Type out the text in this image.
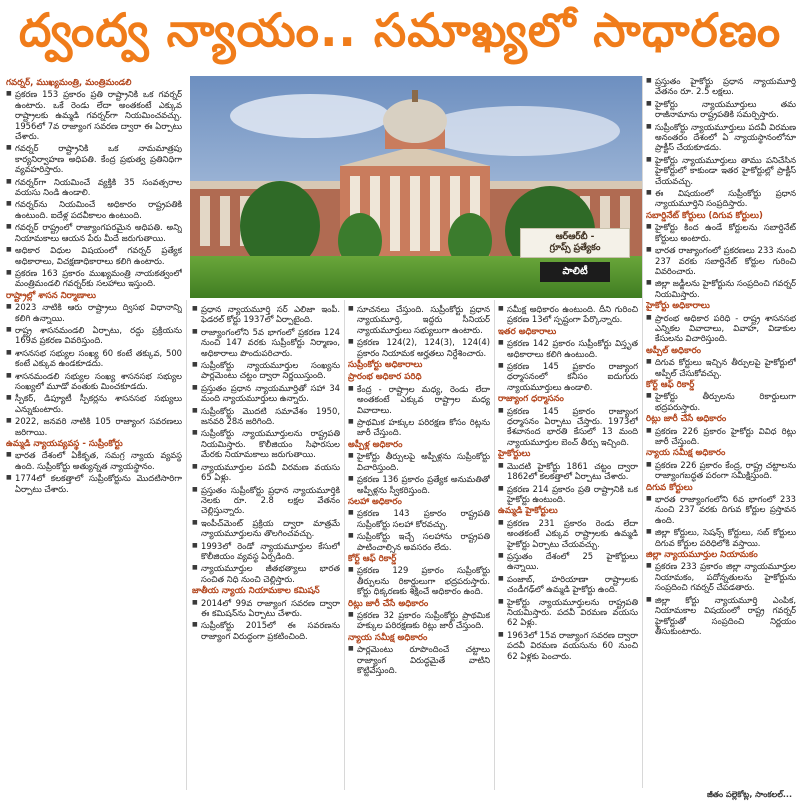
ద్వంద్వ న్యాయం.. సమాఖ్యలో సాధారణం
గవర్నర్, ముఖ్యమంత్రి, మంత్రిమండలి

■ ప్రకరణ 153 ప్రకారం ప్రతి రాష్ట్రానికి ఒక గవర్నర్ ఉంటారు. ఒకే రెండు లేదా అంతకంటే ఎక్కువ రాష్ట్రాలకు ఉమ్మడి గవర్నర్‌గా నియమించవచ్చు. 1956లో 7వ రాజ్యాంగ సవరణ ద్వారా ఈ ఏర్పాటు చేశారు.

■ గవర్నర్ రాష్ట్రానికి ఒక నామమాత్రపు కార్యనిర్వాహణ అధిపతి. కేంద్ర ప్రభుత్వ ప్రతినిధిగా వ్యవహరిస్తారు.

■ గవర్నర్‌గా నియమించే వ్యక్తికి 35 సంవత్సరాల వయసు నిండి ఉండాలి.

■ గవర్నర్‌ను నియమించే అధికారం రాష్ట్రపతికి ఉంటుంది. ఐదేళ్ల పదవీకాలం ఉంటుంది.

■ గవర్నర్ రాష్ట్రంలో రాజ్యాంగపరమైన అధిపతి. అన్ని నియామకాలు ఆయన పేరు మీదే జరుగుతాయి.

■ అధికార విధుల విషయంలో గవర్నర్ ప్రత్యేక అధికారాలు, విచక్షణాధికారాలు కలిగి ఉంటారు.

■ ప్రకరణ 163 ప్రకారం ముఖ్యమంత్రి నాయకత్వంలో మంత్రిమండలి గవర్నర్‌కు సలహాలు ఇస్తుంది.

రాష్ట్రాల్లో శాసన నిర్మాణాలు

■ 2023 నాటికి ఆరు రాష్ట్రాలు ద్విసభ విధానాన్ని కలిగి ఉన్నాయి.

■ రాష్ట్ర శాసనమండలి ఏర్పాటు, రద్దు ప్రక్రియను 169వ ప్రకరణ వివరిస్తుంది.

■ శాసనసభ సభ్యుల సంఖ్య 60 కంటే తక్కువ, 500 కంటే ఎక్కువ ఉండకూడదు.

■ శాసనమండలి సభ్యుల సంఖ్య శాసనసభ సభ్యుల సంఖ్యలో మూడో వంతుకు మించకూడదు.

■ స్పీకర్, డిప్యూటీ స్పీకర్లను శాసనసభ సభ్యులు ఎన్నుకుంటారు.

■ 2022, జనవరి నాటికి 105 రాజ్యాంగ సవరణలు జరిగాయి.

ఉమ్మడి న్యాయవ్యవస్థ - సుప్రీంకోర్టు

■ భారత దేశంలో ఏకీకృత, సమగ్ర న్యాయ వ్యవస్థ ఉంది. సుప్రీంకోర్టు అత్యున్నత న్యాయస్థానం.

■ 1774లో కలకత్తాలో సుప్రీంకోర్టును మొదటిసారిగా ఏర్పాటు చేశారు.

ఆర్‌ఆర్‌బీ -
గ్రూప్స్ ప్రత్యేకం
పాలిటీ

■ ప్రధాన న్యాయమూర్తి సర్ ఎలిజా ఇంపీ. ఫెడరల్ కోర్టు 1937లో ఏర్పాటైంది.

■ రాజ్యాంగంలోని 5వ భాగంలో ప్రకరణ 124 నుంచి 147 వరకు సుప్రీంకోర్టు నిర్మాణం, అధికారాలు పొందుపరిచారు.

■ సుప్రీంకోర్టు న్యాయమూర్తుల సంఖ్యను పార్లమెంటు చట్టం ద్వారా నిర్ణయిస్తుంది.

■ ప్రస్తుతం ప్రధాన న్యాయమూర్తితో సహా 34 మంది న్యాయమూర్తులు ఉన్నారు.

■ సుప్రీంకోర్టు మొదటి సమావేశం 1950, జనవరి 28న జరిగింది.

■ సుప్రీంకోర్టు న్యాయమూర్తులను రాష్ట్రపతి నియమిస్తారు. కొలీజియం సిఫారసుల మేరకు నియామకాలు జరుగుతాయి.

■ న్యాయమూర్తుల పదవీ విరమణ వయసు 65 ఏళ్లు.

■ ప్రస్తుతం సుప్రీంకోర్టు ప్రధాన న్యాయమూర్తికి నెలకు రూ. 2.8 లక్షల వేతనం చెల్లిస్తున్నారు.

■ ఇంపీచ్‌మెంట్ ప్రక్రియ ద్వారా మాత్రమే న్యాయమూర్తులను తొలగించవచ్చు.

■ 1993లో రెండో న్యాయమూర్తుల కేసులో కొలీజియం వ్యవస్థ ఏర్పడింది.

■ న్యాయమూర్తుల జీతభత్యాలు భారత సంచిత నిధి నుంచి చెల్లిస్తారు.

జాతీయ న్యాయ నియామకాల కమిషన్

■ 2014లో 99వ రాజ్యాంగ సవరణ ద్వారా ఈ కమిషన్‌ను ఏర్పాటు చేశారు.

■ సుప్రీంకోర్టు 2015లో ఈ సవరణను రాజ్యాంగ విరుద్ధంగా ప్రకటించింది.

■ సూచనలు చేస్తుంది. సుప్రీంకోర్టు ప్రధాన న్యాయమూర్తి, ఇద్దరు సీనియర్ న్యాయమూర్తులు సభ్యులుగా ఉంటారు.

■ ప్రకరణ 124(2), 124(3), 124(4) ప్రకారం నియామక అర్హతలు నిర్దేశించారు.

సుప్రీంకోర్టు అధికారాలు
ప్రారంభ అధికార పరిధి

■ కేంద్ర - రాష్ట్రాల మధ్య, రెండు లేదా అంతకంటే ఎక్కువ రాష్ట్రాల మధ్య వివాదాలు.

■ ప్రాథమిక హక్కుల పరిరక్షణ కోసం రిట్లను జారీ చేస్తుంది.

అప్పీళ్ల అధికారం

■ హైకోర్టు తీర్పులపై అప్పీళ్లను సుప్రీంకోర్టు విచారిస్తుంది.

■ ప్రకరణ 136 ప్రకారం ప్రత్యేక అనుమతితో అప్పీళ్లను స్వీకరిస్తుంది.

సలహా అధికారం

■ ప్రకరణ 143 ప్రకారం రాష్ట్రపతి సుప్రీంకోర్టు సలహా కోరవచ్చు.

■ సుప్రీంకోర్టు ఇచ్చే సలహాను రాష్ట్రపతి పాటించాల్సిన అవసరం లేదు.

కోర్ట్ ఆఫ్ రికార్డ్

■ ప్రకరణ 129 ప్రకారం సుప్రీంకోర్టు తీర్పులను రికార్డులుగా భద్రపరుస్తారు. కోర్టు ధిక్కరణకు శిక్షించే అధికారం ఉంది.

రిట్లు జారీ చేసే అధికారం

■ ప్రకరణ 32 ప్రకారం సుప్రీంకోర్టు ప్రాథమిక హక్కుల పరిరక్షణకు రిట్లు జారీ చేస్తుంది.

న్యాయ సమీక్ష అధికారం

■ పార్లమెంటు రూపొందించే చట్టాలు రాజ్యాంగ విరుద్ధమైతే వాటిని కొట్టివేస్తుంది.

■ సమీక్ష అధికారం ఉంటుంది. దీని గురించి ప్రకరణ 13లో స్పష్టంగా పేర్కొన్నారు.

ఇతర అధికారాలు

■ ప్రకరణ 142 ప్రకారం సుప్రీంకోర్టు విస్తృత అధికారాలు కలిగి ఉంటుంది.

■ ప్రకరణ 145 ప్రకారం రాజ్యాంగ ధర్మాసనంలో కనీసం ఐదుగురు న్యాయమూర్తులు ఉండాలి.

రాజ్యాంగ ధర్మాసనం

■ ప్రకరణ 145 ప్రకారం రాజ్యాంగ ధర్మాసనం ఏర్పాటు చేస్తారు. 1973లో కేశవానంద భారతి కేసులో 13 మంది న్యాయమూర్తుల బెంచ్ తీర్పు ఇచ్చింది.

హైకోర్టులు

■ మొదటి హైకోర్టు 1861 చట్టం ద్వారా 1862లో కలకత్తాలో ఏర్పాటు చేశారు.

■ ప్రకరణ 214 ప్రకారం ప్రతి రాష్ట్రానికి ఒక హైకోర్టు ఉంటుంది.

ఉమ్మడి హైకోర్టులు

■ ప్రకరణ 231 ప్రకారం రెండు లేదా అంతకంటే ఎక్కువ రాష్ట్రాలకు ఉమ్మడి హైకోర్టు ఏర్పాటు చేయవచ్చు.

■ ప్రస్తుతం దేశంలో 25 హైకోర్టులు ఉన్నాయి.

■ పంజాబ్, హరియాణా రాష్ట్రాలకు చండీగఢ్‌లో ఉమ్మడి హైకోర్టు ఉంది.

■ హైకోర్టు న్యాయమూర్తులను రాష్ట్రపతి నియమిస్తారు. పదవీ విరమణ వయసు 62 ఏళ్లు.

■ 1963లో 15వ రాజ్యాంగ సవరణ ద్వారా పదవీ విరమణ వయసును 60 నుంచి 62 ఏళ్లకు పెంచారు.

■ ప్రస్తుతం హైకోర్టు ప్రధాన న్యాయమూర్తి వేతనం రూ. 2.5 లక్షలు.

■ హైకోర్టు న్యాయమూర్తులు తమ రాజీనామాను రాష్ట్రపతికి సమర్పిస్తారు.

■ సుప్రీంకోర్టు న్యాయమూర్తులు పదవీ విరమణ అనంతరం దేశంలో ఏ న్యాయస్థానంలోనూ ప్రాక్టీస్ చేయకూడదు.

■ హైకోర్టు న్యాయమూర్తులు తాము పనిచేసిన హైకోర్టులో కాకుండా ఇతర హైకోర్టుల్లో ప్రాక్టీస్ చేయవచ్చు.

■ ఈ విషయంలో సుప్రీంకోర్టు ప్రధాన న్యాయమూర్తిని సంప్రదిస్తారు.

సబార్డినేట్ కోర్టులు (దిగువ కోర్టులు)

■ హైకోర్టు కింద ఉండే కోర్టులను సబార్డినేట్ కోర్టులు అంటారు.

■ భారత రాజ్యాంగంలో ప్రకరణలు 233 నుంచి 237 వరకు సబార్డినేట్ కోర్టుల గురించి వివరించారు.

■ జిల్లా జడ్జీలను హైకోర్టును సంప్రదించి గవర్నర్ నియమిస్తారు.

హైకోర్టు అధికారాలు

■ ప్రారంభ అధికార పరిధి - రాష్ట్ర శాసనసభ ఎన్నికల వివాదాలు, వివాహ, విడాకుల కేసులను విచారిస్తుంది.

అప్పీల్ అధికారం

■ దిగువ కోర్టులు ఇచ్చిన తీర్పులపై హైకోర్టులో అప్పీల్ చేసుకోవచ్చు.

కోర్ట్ ఆఫ్ రికార్డ్

■ హైకోర్టు తీర్పులను రికార్డులుగా భద్రపరుస్తారు.

రిట్లు జారీ చేసే అధికారం

■ ప్రకరణ 226 ప్రకారం హైకోర్టు వివిధ రిట్లు జారీ చేస్తుంది.

న్యాయ సమీక్ష అధికారం

■ ప్రకరణ 226 ప్రకారం కేంద్ర, రాష్ట్ర చట్టాలను రాజ్యాంగబద్ధత పరంగా సమీక్షిస్తుంది.

దిగువ కోర్టులు

■ భారత రాజ్యాంగంలోని 6వ భాగంలో 233 నుంచి 237 వరకు దిగువ కోర్టుల ప్రస్తావన ఉంది.

■ జిల్లా కోర్టులు, సెషన్స్ కోర్టులు, సబ్ కోర్టులు దిగువ కోర్టుల పరిధిలోకి వస్తాయి.

జిల్లా న్యాయమూర్తుల నియామకం

■ ప్రకరణ 233 ప్రకారం జిల్లా న్యాయమూర్తుల నియామకం, పదోన్నతులను హైకోర్టును సంప్రదించి గవర్నర్ చేపడతారు.

■ జిల్లా కోర్టు న్యాయమూర్తి ఎంపిక, నియామకాల విషయంలో రాష్ట్ర గవర్నర్ హైకోర్టుతో సంప్రదించి నిర్ణయం తీసుకుంటారు.

జీతం పల్లెకోట్ల, సాంకలల్...
